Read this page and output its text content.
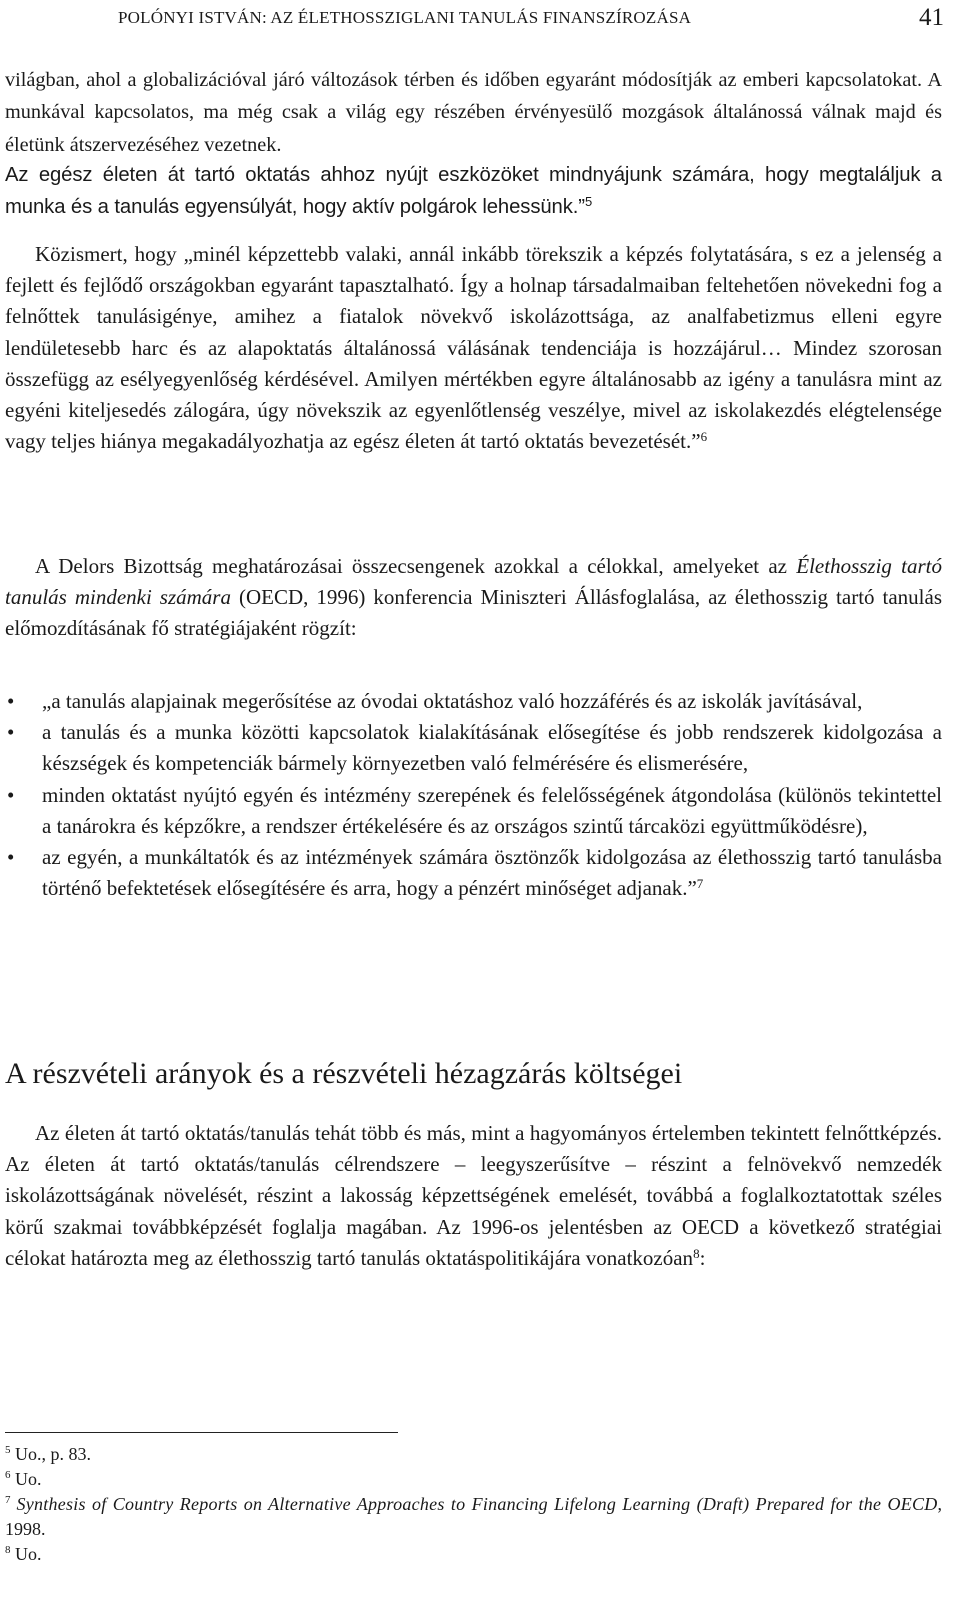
POLÓNYI ISTVÁN: AZ ÉLETHOSSZIGLANI TANULÁS FINANSZÍROZÁSA	41

világban, ahol a globalizációval járó változások térben és időben egyaránt módosítják az emberi kapcsolatokat. A munkával kapcsolatos, ma még csak a világ egy részében érvényesülő mozgások általánossá válnak majd és életünk átszervezéséhez vezetnek.

Az egész életen át tartó oktatás ahhoz nyújt eszközöket mindnyájunk számára, hogy megtaláljuk a munka és a tanulás egyensúlyát, hogy aktív polgárok lehessünk.”$^5$

Közismert, hogy „minél képzettebb valaki, annál inkább törekszik a képzés folytatására, s ez a jelenség a fejlett és fejlődő országokban egyaránt tapasztalható. Így a holnap társadalmaiban feltehetően növekedni fog a felnőttek tanulásigénye, amihez a fiatalok növekvő iskolázottsága, az analfabetizmus elleni egyre lendületesebb harc és az alapoktatás általánossá válásának tendenciája is hozzájárul… Mindez szorosan összefügg az esélyegyenlőség kérdésével. Amilyen mértékben egyre általánosabb az igény a tanulásra mint az egyéni kiteljesedés zálogára, úgy növekszik az egyenlőtlenség veszélye, mivel az iskolakezdés elégtelensége vagy teljes hiánya megakadályozhatja az egész életen át tartó oktatás bevezetését.”$^6$

A Delors Bizottság meghatározásai összecsengenek azokkal a célokkal, amelyeket az Élethosszig tartó tanulás mindenki számára (OECD, 1996) konferencia Miniszteri Állásfoglalása, az élethosszig tartó tanulás előmozdításának fő stratégiájaként rögzít:

• „a tanulás alapjainak megerősítése az óvodai oktatáshoz való hozzáférés és az iskolák javításával,
• a tanulás és a munka közötti kapcsolatok kialakításának elősegítése és jobb rendszerek kidolgozása a készségek és kompetenciák bármely környezetben való felmérésére és elismerésére,
• minden oktatást nyújtó egyén és intézmény szerepének és felelősségének átgondolása (különös tekintettel a tanárokra és képzőkre, a rendszer értékelésére és az országos szintű tárcaközi együttműködésre),
• az egyén, a munkáltatók és az intézmények számára ösztönzők kidolgozása az élethosszig tartó tanulásba történő befektetések elősegítésére és arra, hogy a pénzért minőséget adjanak.”$^7$
A részvételi arányok és a részvételi hézagzárás költségei

Az életen át tartó oktatás/tanulás tehát több és más, mint a hagyományos értelemben tekintett felnőttképzés. Az életen át tartó oktatás/tanulás célrendszere – leegyszerűsítve – részint a felnövekvő nemzedék iskolázottságának növelését, részint a lakosság képzettségének emelését, továbbá a foglalkoztatottak széles körű szakmai továbbképzését foglalja magában. Az 1996-os jelentésben az OECD a következő stratégiai célokat határozta meg az élethosszig tartó tanulás oktatáspolitikájára vonatkozóan$^8$:

$^5$ Uo., p. 83.
$^6$ Uo.
$^7$ Synthesis of Country Reports on Alternative Approaches to Financing Lifelong Learning (Draft) Prepared for the OECD, 1998.
$^8$ Uo.
